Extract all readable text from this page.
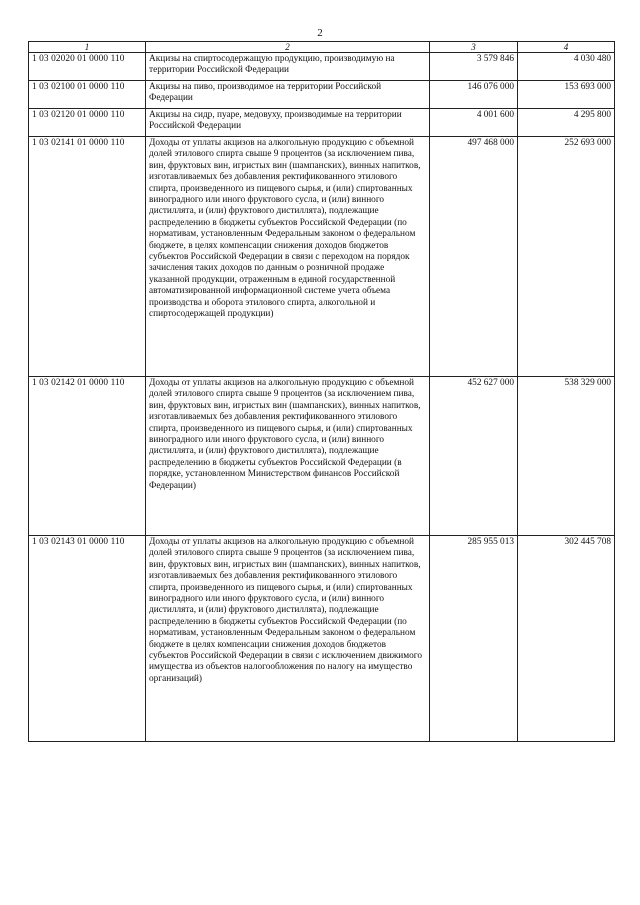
2
1	2	3	4
1 03 02020 01 0000 110	Акцизы на спиртосодержащую продукцию, производимую на территории Российской Федерации	3 579 846	4 030 480
1 03 02100 01 0000 110	Акцизы на пиво, производимое на территории Российской Федерации	146 076 000	153 693 000
1 03 02120 01 0000 110	Акцизы на сидр, пуаре, медовуху, производимые на территории Российской Федерации	4 001 600	4 295 800
1 03 02141 01 0000 110	Доходы от уплаты акцизов на алкогольную продукцию с объемной долей этилового спирта свыше 9 процентов (за исключением пива, вин, фруктовых вин, игристых вин (шампанских), винных напитков, изготавливаемых без добавления ректификованного этилового спирта, произведенного из пищевого сырья, и (или) спиртованных виноградного или иного фруктового сусла, и (или) винного дистиллята, и (или) фруктового дистиллята), подлежащие распределению в бюджеты субъектов Российской Федерации (по нормативам, установленным Федеральным законом о федеральном бюджете, в целях компенсации снижения доходов бюджетов субъектов Российской Федерации в связи с переходом на порядок зачисления таких доходов по данным о розничной продаже указанной продукции, отраженным в единой государственной автоматизированной информационной системе учета объема производства и оборота этилового спирта, алкогольной и спиртосодержащей продукции)	497 468 000	252 693 000
1 03 02142 01 0000 110	Доходы от уплаты акцизов на алкогольную продукцию с объемной долей этилового спирта свыше 9 процентов (за исключением пива, вин, фруктовых вин, игристых вин (шампанских), винных напитков, изготавливаемых без добавления ректификованного этилового спирта, произведенного из пищевого сырья, и (или) спиртованных виноградного или иного фруктового сусла, и (или) винного дистиллята, и (или) фруктового дистиллята), подлежащие распределению в бюджеты субъектов Российской Федерации (в порядке, установленном Министерством финансов Российской Федерации)	452 627 000	538 329 000
1 03 02143 01 0000 110	Доходы от уплаты акцизов на алкогольную продукцию с объемной долей этилового спирта свыше 9 процентов (за исключением пива, вин, фруктовых вин, игристых вин (шампанских), винных напитков, изготавливаемых без добавления ректификованного этилового спирта, произведенного из пищевого сырья, и (или) спиртованных виноградного или иного фруктового сусла, и (или) винного дистиллята, и (или) фруктового дистиллята), подлежащие распределению в бюджеты субъектов Российской Федерации (по нормативам, установленным Федеральным законом о федеральном бюджете в целях компенсации снижения доходов бюджетов субъектов Российской Федерации в связи с исключением движимого имущества из объектов налогообложения по налогу на имущество организаций)	285 955 013	302 445 708
